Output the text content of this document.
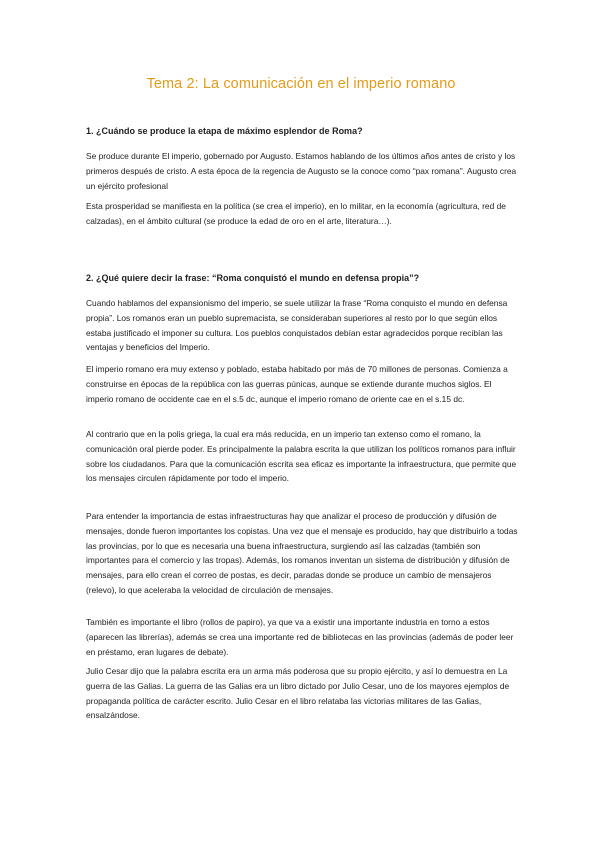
Tema 2: La comunicación en el imperio romano
1. ¿Cuándo se produce la etapa de máximo esplendor de Roma?

Se produce durante El imperio, gobernado por Augusto. Estamos hablando de los últimos años antes de cristo y los primeros después de cristo. A esta época de la regencia de Augusto se la conoce como “pax romana”. Augusto crea un ejército profesional

Esta prosperidad se manifiesta en la política (se crea el imperio), en lo militar, en la economía (agricultura, red de calzadas), en el ámbito cultural (se produce la edad de oro en el arte, literatura…).

2. ¿Qué quiere decir la frase: “Roma conquistó el mundo en defensa propia”?

Cuando hablamos del expansionismo del imperio, se suele utilizar la frase “Roma conquisto el mundo en defensa propia”. Los romanos eran un pueblo supremacista, se consideraban superiores al resto por lo que según ellos estaba justificado el imponer su cultura. Los pueblos conquistados debían estar agradecidos porque recibían las ventajas y beneficios del Imperio.

El imperio romano era muy extenso y poblado, estaba habitado por más de 70 millones de personas. Comienza a construirse en épocas de la república con las guerras púnicas, aunque se extiende durante muchos siglos. El imperio romano de occidente cae en el s.5 dc, aunque el imperio romano de oriente cae en el s.15 dc.

Al contrario que en la polis griega, la cual era más reducida, en un imperio tan extenso como el romano, la comunicación oral pierde poder. Es principalmente la palabra escrita la que utilizan los políticos romanos para influir sobre los ciudadanos. Para que la comunicación escrita sea eficaz es importante la infraestructura, que permite que los mensajes circulen rápidamente por todo el imperio.

Para entender la importancia de estas infraestructuras hay que analizar el proceso de producción y difusión de mensajes, donde fueron importantes los copistas. Una vez que el mensaje es producido, hay que distribuirlo a todas las provincias, por lo que es necesaria una buena infraestructura, surgiendo así las calzadas (también son importantes para el comercio y las tropas). Además, los romanos inventan un sistema de distribución y difusión de mensajes, para ello crean el correo de postas, es decir, paradas donde se produce un cambio de mensajeros (relevo), lo que aceleraba la velocidad de circulación de mensajes.

También es importante el libro (rollos de papiro), ya que va a existir una importante industria en torno a estos (aparecen las librerías), además se crea una importante red de bibliotecas en las provincias (además de poder leer en préstamo, eran lugares de debate).

Julio Cesar dijo que la palabra escrita era un arma más poderosa que su propio ejército, y así lo demuestra en La guerra de las Galias. La guerra de las Galias era un libro dictado por Julio Cesar, uno de los mayores ejemplos de propaganda política de carácter escrito. Julio Cesar en el libro relataba las victorias militares de las Galias, ensalzándose.
